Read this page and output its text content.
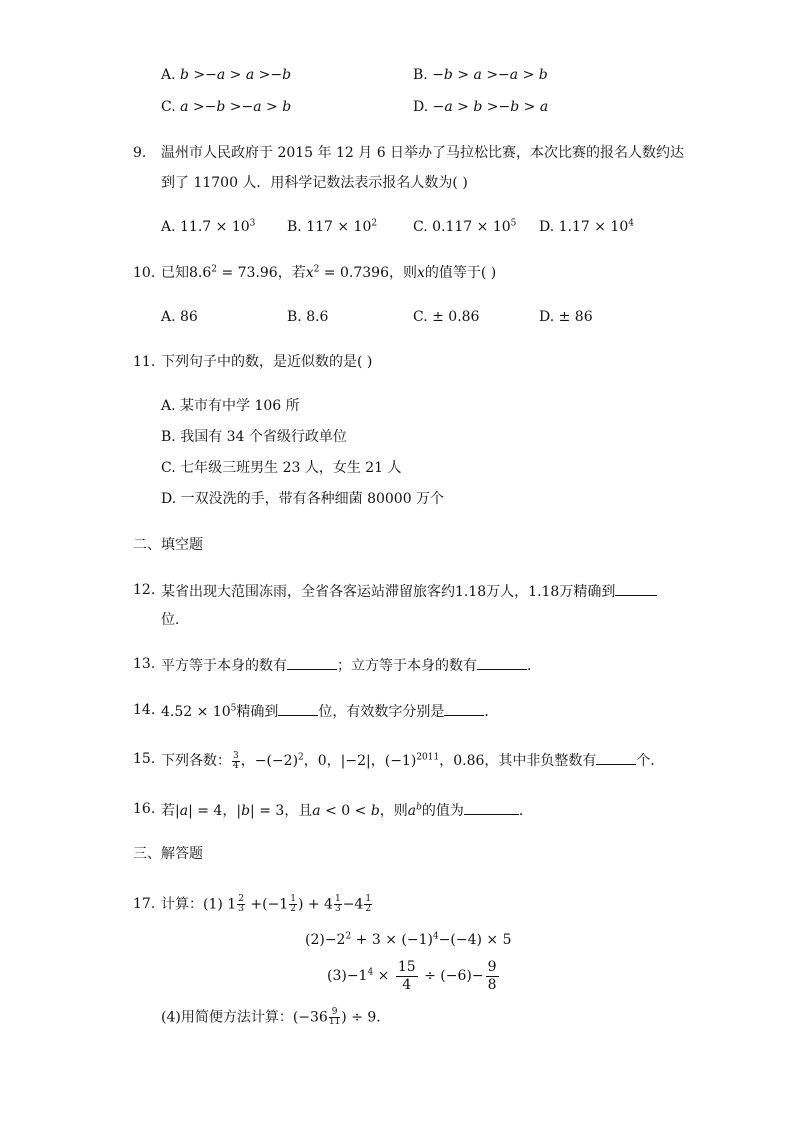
A. b >−a > a >−b	B. −b > a >−a > b
C. a >−b >−a > b	D. −a > b >−b > a
9. 温州市人民政府于 2015 年 12 月 6 日举办了马拉松比赛，本次比赛的报名人数约达
到了 11700 人．用科学记数法表示报名人数为( )
A. $11.7 \times 10^3$ B. $117 \times 10^2$	C. $0.117 \times 10^5$ D. $1.17 \times 10^4$
10. 已知$8.6^2 = 73.96$，若$x^2 = 0.7396$，则x的值等于( )
A. 86	B. 8.6	C. ± 0.86	D. ± 86
11. 下列句子中的数，是近似数的是( )
A. 某市有中学 106 所
B. 我国有 34 个省级行政单位
C. 七年级三班男生 23 人，女生 21 人
D. 一双没洗的手，带有各种细菌 80000 万个
二、填空题
12. 某省出现大范围冻雨，全省各客运站滞留旅客约1.18万人，1.18万精确到
位．
13. 平方等于本身的数有	；立方等于本身的数有	．
14. $4.52 \times 10^5$精确到	位，有效数字分别是	．
15. 下列各数： $\frac{3}{4}$ ，$-(-2)^2$，0，|−2|，$(-1)^{2011}$，0.86，其中非负整数有	个．
16. 若|a| = 4，|b| = 3，且a < 0 < b，则$a^b$的值为	．
三、解答题
17. 计算：(1) $1 \frac{2}{3} +(-1 \frac{1}{2}$ ) + $4 \frac{1}{3} -4 \frac{1}{2}$
$(2)-2^2 + 3 \times (-1)^4-(-4) \times 5$
$(3)-1^4 \times \frac{15}{4} \div (-6)- \frac{9}{8}$
(4)用简便方法计算：($-36 \frac{9}{11}$ ) ÷ 9．
